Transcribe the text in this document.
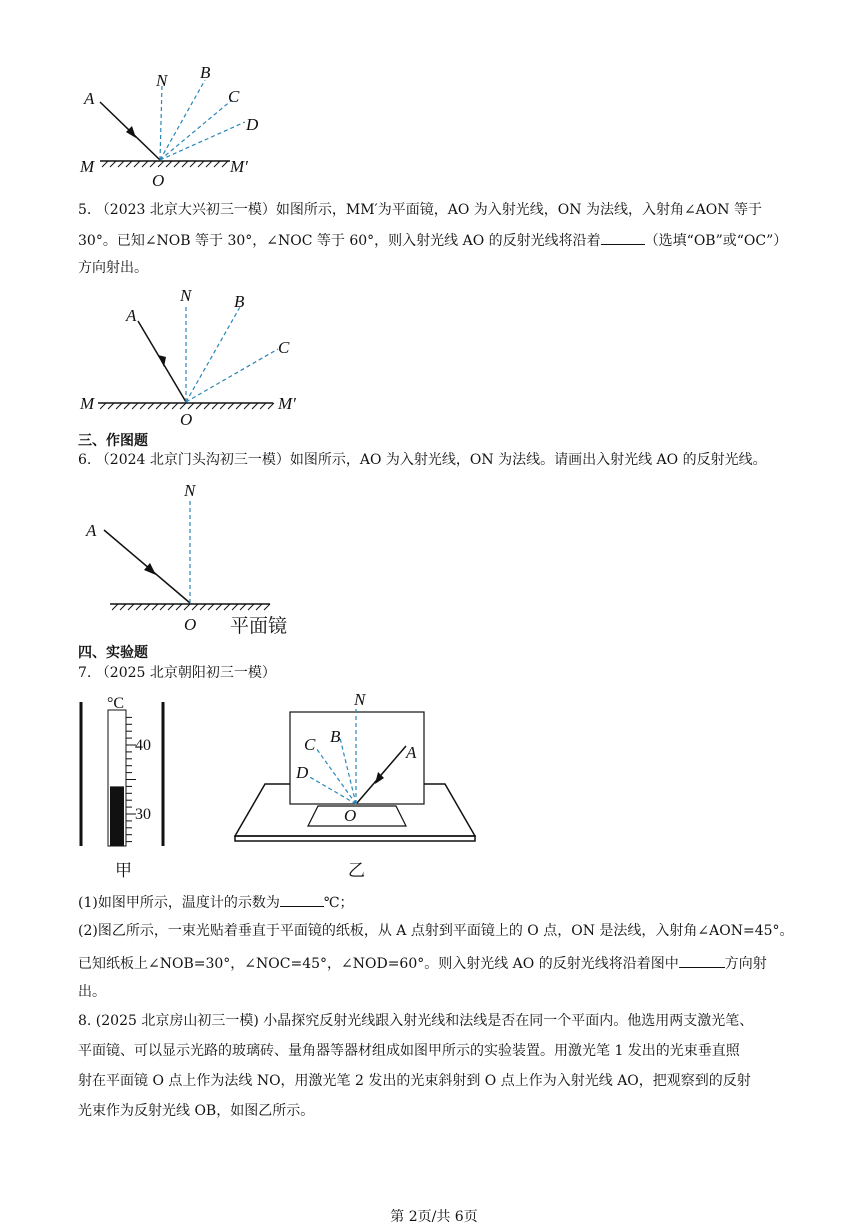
A
N B
C
D
M	M′
O
5. （2023 北京大兴初三一模）如图所示，MM′为平面镜，AO 为入射光线，ON 为法线，入射角∠AON 等于
30°。已知∠NOB 等于 30°，∠NOC 等于 60°，则入射光线 AO 的反射光线将沿着	（选填“OB”或“OC”）
方向射出。
N	B
A
C
M	M′
O
三、作图题
6. （2024 北京门头沟初三一模）如图所示，AO 为入射光线，ON 为法线。请画出入射光线 AO 的反射光线。
N
A
O 平面镜
四、实验题
7. （2025 北京朝阳初三一模）
°C
40
30
甲
N
B
C	A
D
O
乙
(1)如图甲所示，温度计的示数为	℃；
(2)图乙所示，一束光贴着垂直于平面镜的纸板，从 A 点射到平面镜上的 O 点，ON 是法线，入射角∠AON=45°。
已知纸板上∠NOB=30°，∠NOC=45°，∠NOD=60°。则入射光线 AO 的反射光线将沿着图中	方向射
出。
8. (2025 北京房山初三一模) 小晶探究反射光线跟入射光线和法线是否在同一个平面内。他选用两支激光笔、
平面镜、可以显示光路的玻璃砖、量角器等器材组成如图甲所示的实验装置。用激光笔 1 发出的光束垂直照
射在平面镜 O 点上作为法线 NO，用激光笔 2 发出的光束斜射到 O 点上作为入射光线 AO，把观察到的反射
光束作为反射光线 OB，如图乙所示。
第 2页/共 6页
